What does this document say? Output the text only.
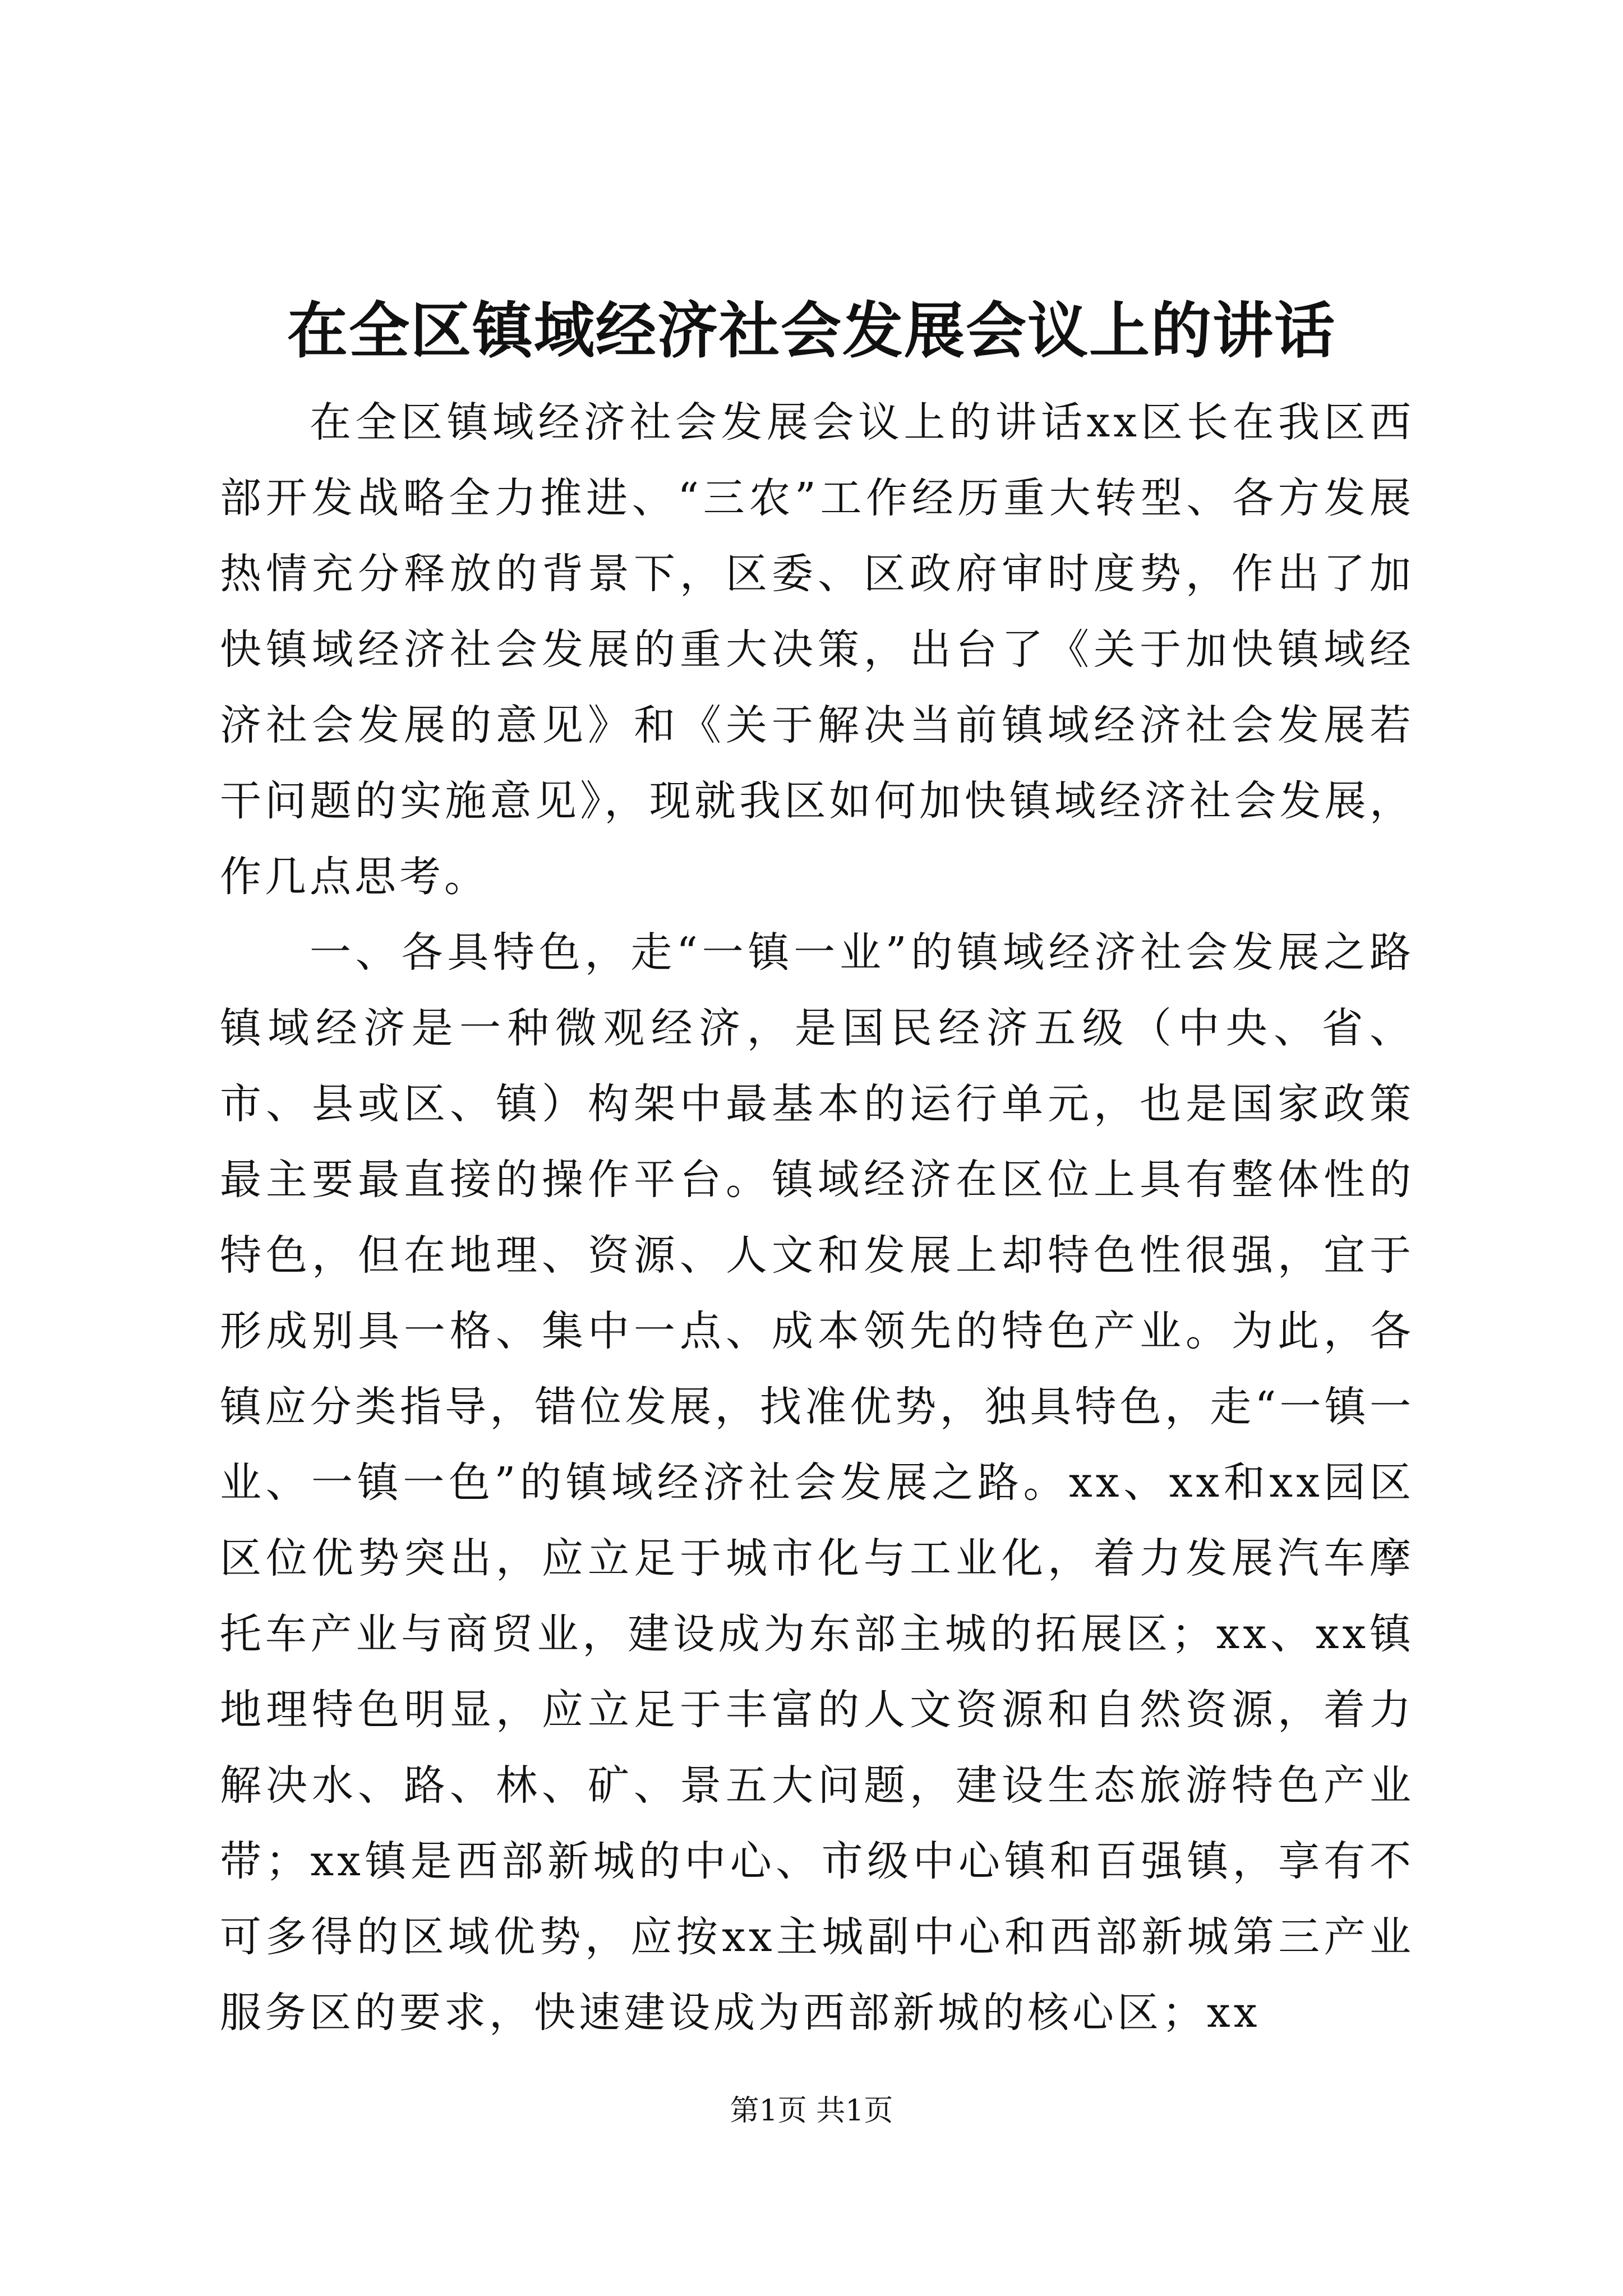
在全区镇域经济社会发展会议上的讲话

在全区镇域经济社会发展会议上的讲话xx区长在我区西部开发战略全力推进、“三农”工作经历重大转型、各方发展热情充分释放的背景下，区委、区政府审时度势，作出了加快镇域经济社会发展的重大决策，出台了《关于加快镇域经济社会发展的意见》和《关于解决当前镇域经济社会发展若干问题的实施意见》，现就我区如何加快镇域经济社会发展，作几点思考。

一、各具特色，走“一镇一业”的镇域经济社会发展之路镇域经济是一种微观经济，是国民经济五级（中央、省、市、县或区、镇）构架中最基本的运行单元，也是国家政策最主要最直接的操作平台。镇域经济在区位上具有整体性的特色，但在地理、资源、人文和发展上却特色性很强，宜于形成别具一格、集中一点、成本领先的特色产业。为此，各镇应分类指导，错位发展，找准优势，独具特色，走“一镇一业、一镇一色”的镇域经济社会发展之路。xx、xx和xx园区区位优势突出，应立足于城市化与工业化，着力发展汽车摩托车产业与商贸业，建设成为东部主城的拓展区；xx、xx镇地理特色明显，应立足于丰富的人文资源和自然资源，着力解决水、路、林、矿、景五大问题，建设生态旅游特色产业带；xx镇是西部新城的中心、市级中心镇和百强镇，享有不可多得的区域优势，应按xx主城副中心和西部新城第三产业服务区的要求，快速建设成为西部新城的核心区；xx

第1页 共1页
